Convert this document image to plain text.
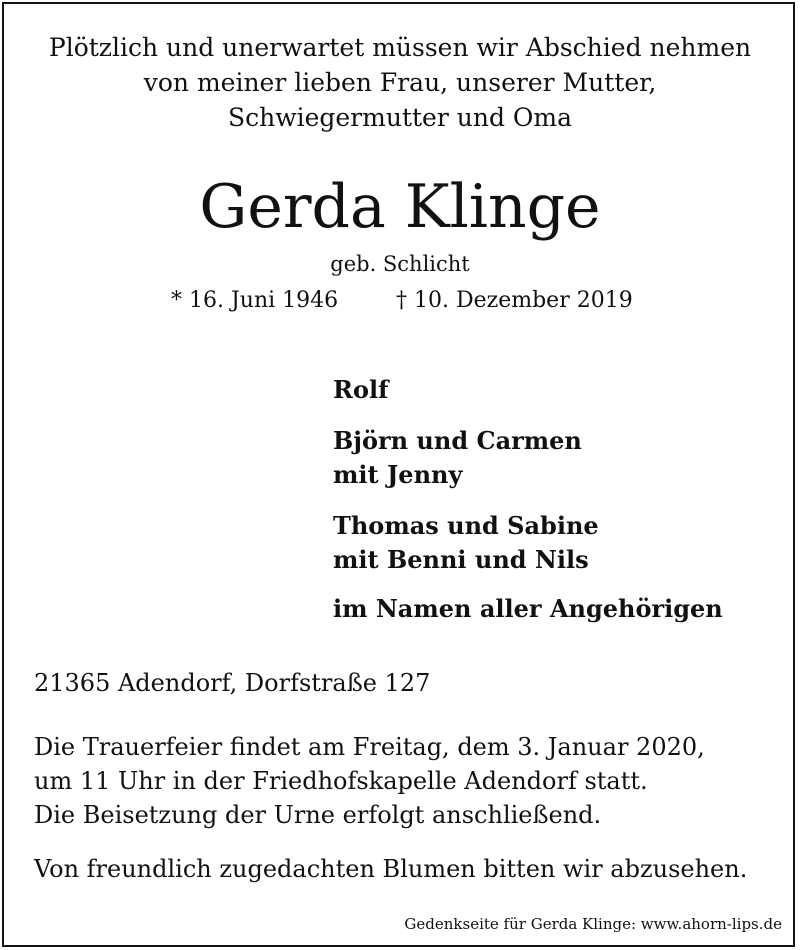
Plötzlich und unerwartet müssen wir Abschied nehmen
von meiner lieben Frau, unserer Mutter,
Schwiegermutter und Oma
Gerda Klinge
geb. Schlicht
* 16. Juni 1946	† 10. Dezember 2019
Rolf
Björn und Carmen
mit Jenny
Thomas und Sabine
mit Benni und Nils
im Namen aller Angehörigen
21365 Adendorf, Dorfstraße 127
Die Trauerfeier findet am Freitag, dem 3. Januar 2020,
um 11 Uhr in der Friedhofskapelle Adendorf statt.
Die Beisetzung der Urne erfolgt anschließend.
Von freundlich zugedachten Blumen bitten wir abzusehen.
Gedenkseite für Gerda Klinge: www.ahorn-lips.de
